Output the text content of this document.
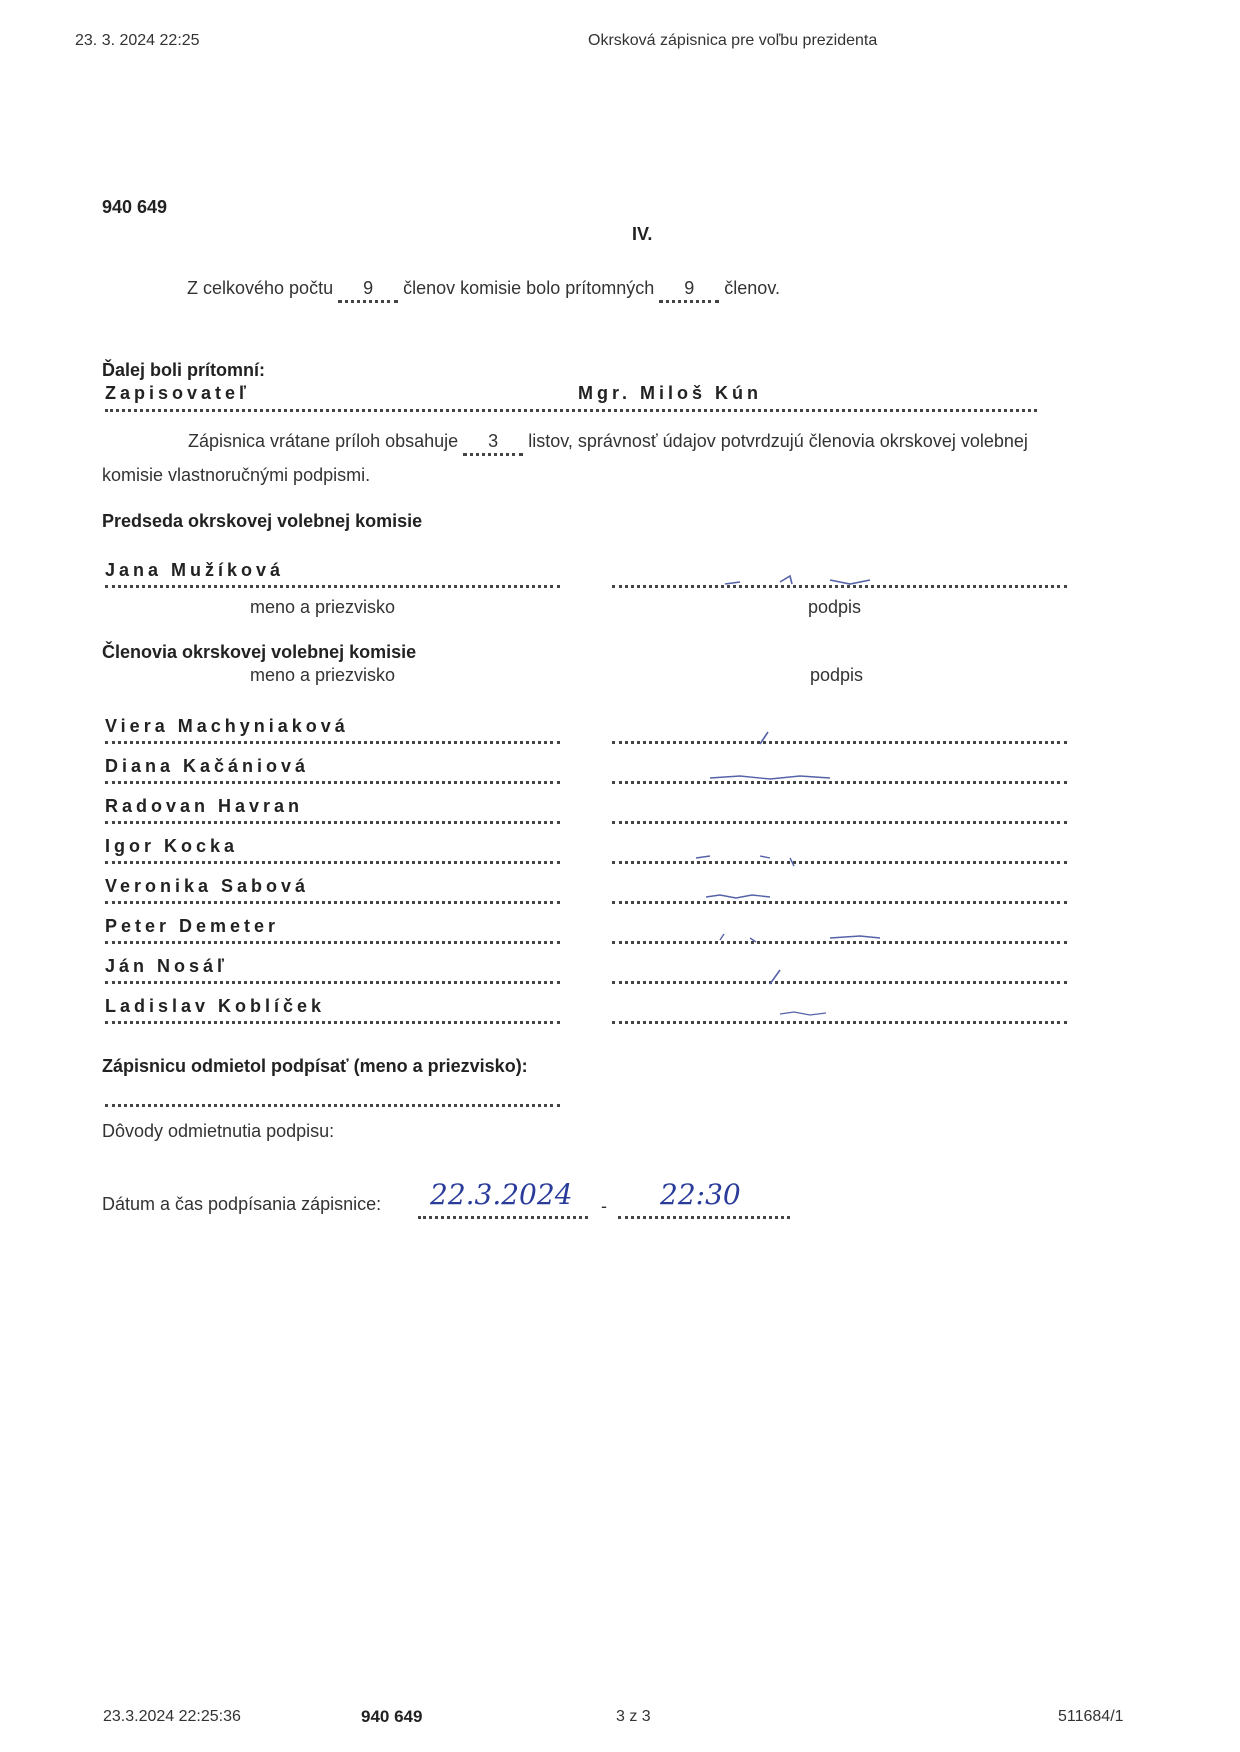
23. 3. 2024 22:25	Okrsková zápisnica pre voľbu prezidenta
940 649
IV.
Z celkového počtu 9 členov komisie bolo prítomných 9 členov.
Ďalej boli prítomní:
Zapisovateľ	Mgr. Miloš Kún
Zápisnica vrátane príloh obsahuje 3 listov, správnosť údajov potvrdzujú členovia okrskovej volebnej
komisie vlastnoručnými podpismi.
Predseda okrskovej volebnej komisie
Jana Mužíková
meno a priezvisko	podpis
Členovia okrskovej volebnej komisie
meno a priezvisko	podpis
Viera Machyniaková
Diana Kačániová
Radovan Havran
Igor Kocka
Veronika Sabová
Peter Demeter
Ján Nosáľ
Ladislav Koblíček
Zápisnicu odmietol podpísať (meno a priezvisko):
Dôvody odmietnutia podpisu:
Dátum a čas podpísania zápisnice: 22.3.2024 - 22:30
23.3.2024 22:25:36	940 649	3 z 3	511684/1
